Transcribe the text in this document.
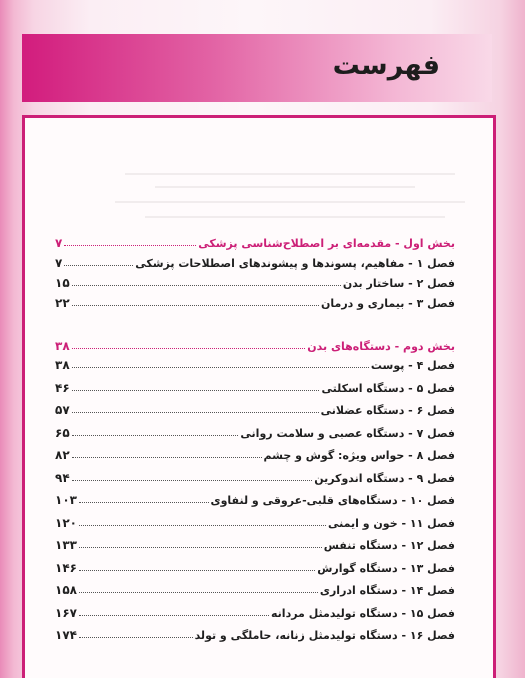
فهرست
بخش اول - مقدمه‌ای بر اصطلاح‌شناسی پزشکی
۷
فصل ۱ - مفاهیم، پسوندها و پیشوندهای اصطلاحات پزشکی
۷
فصل ۲ - ساختار بدن
۱۵
فصل ۳ - بیماری و درمان
۲۲
بخش دوم - دستگاه‌های بدن
۳۸
فصل ۴ - پوست
۳۸
فصل ۵ - دستگاه اسکلتی
۴۶
فصل ۶ - دستگاه عضلانی
۵۷
فصل ۷ - دستگاه عصبی و سلامت روانی
۶۵
فصل ۸ - حواس ویژه: گوش و چشم
۸۲
فصل ۹ - دستگاه اندوکرین
۹۴
فصل ۱۰ - دستگاه‌های قلبی-عروقی و لنفاوی
۱۰۳
فصل ۱۱ - خون و ایمنی
۱۲۰
فصل ۱۲ - دستگاه تنفس
۱۳۳
فصل ۱۳ - دستگاه گوارش
۱۴۶
فصل ۱۴ - دستگاه ادراری
۱۵۸
فصل ۱۵ - دستگاه تولیدمثل مردانه
۱۶۷
فصل ۱۶ - دستگاه تولیدمثل زنانه، حاملگی و تولد
۱۷۴
